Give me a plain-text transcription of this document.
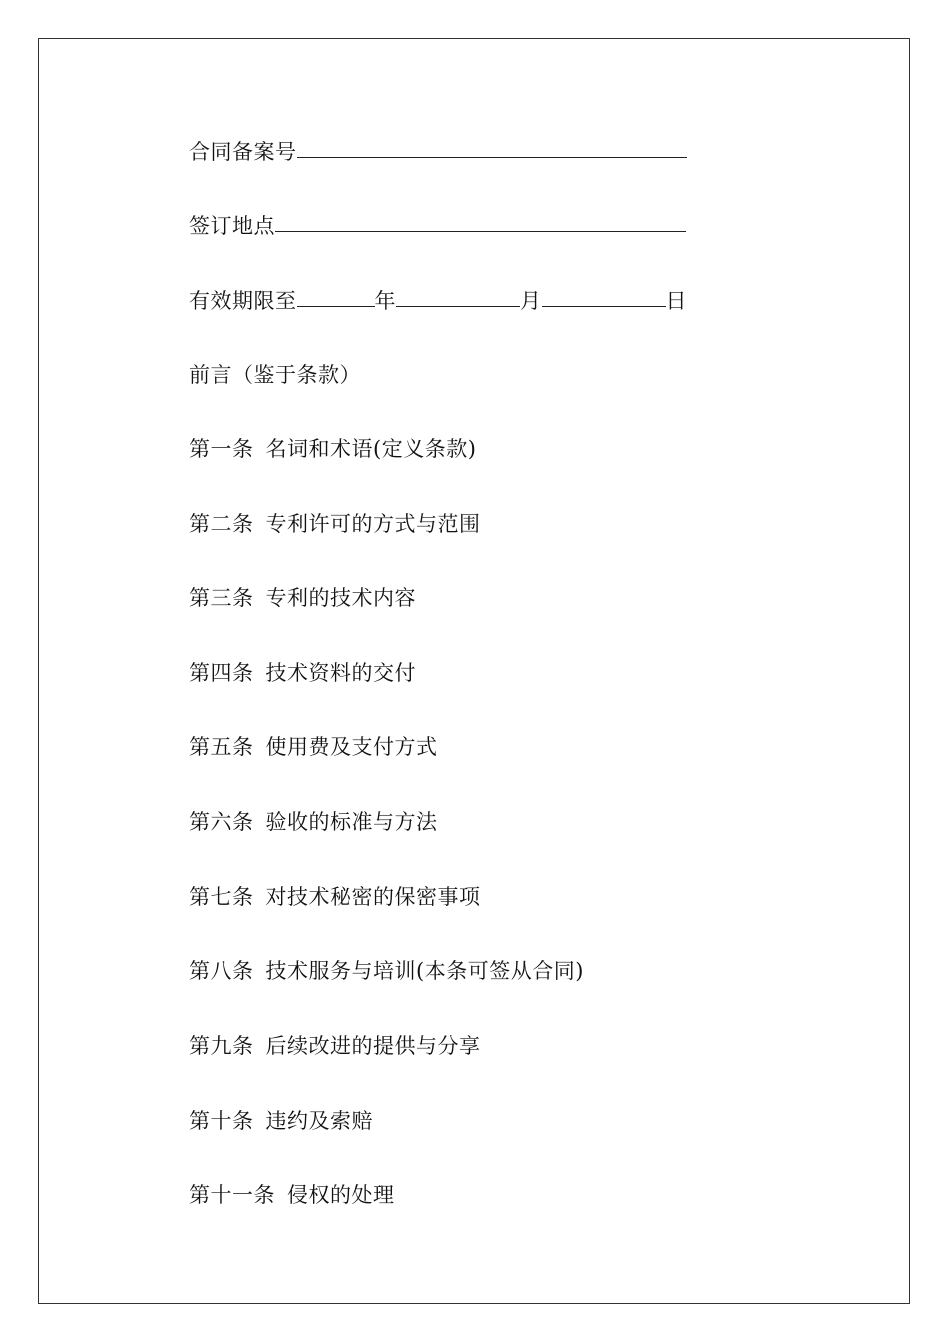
合同备案号
签订地点
有效期限至	年	月	日
前言（鉴于条款）
第一条 名词和术语(定义条款)
第二条 专利许可的方式与范围
第三条 专利的技术内容
第四条 技术资料的交付
第五条 使用费及支付方式
第六条 验收的标准与方法
第七条 对技术秘密的保密事项
第八条 技术服务与培训(本条可签从合同)
第九条 后续改进的提供与分享
第十条 违约及索赔
第十一条 侵权的处理
